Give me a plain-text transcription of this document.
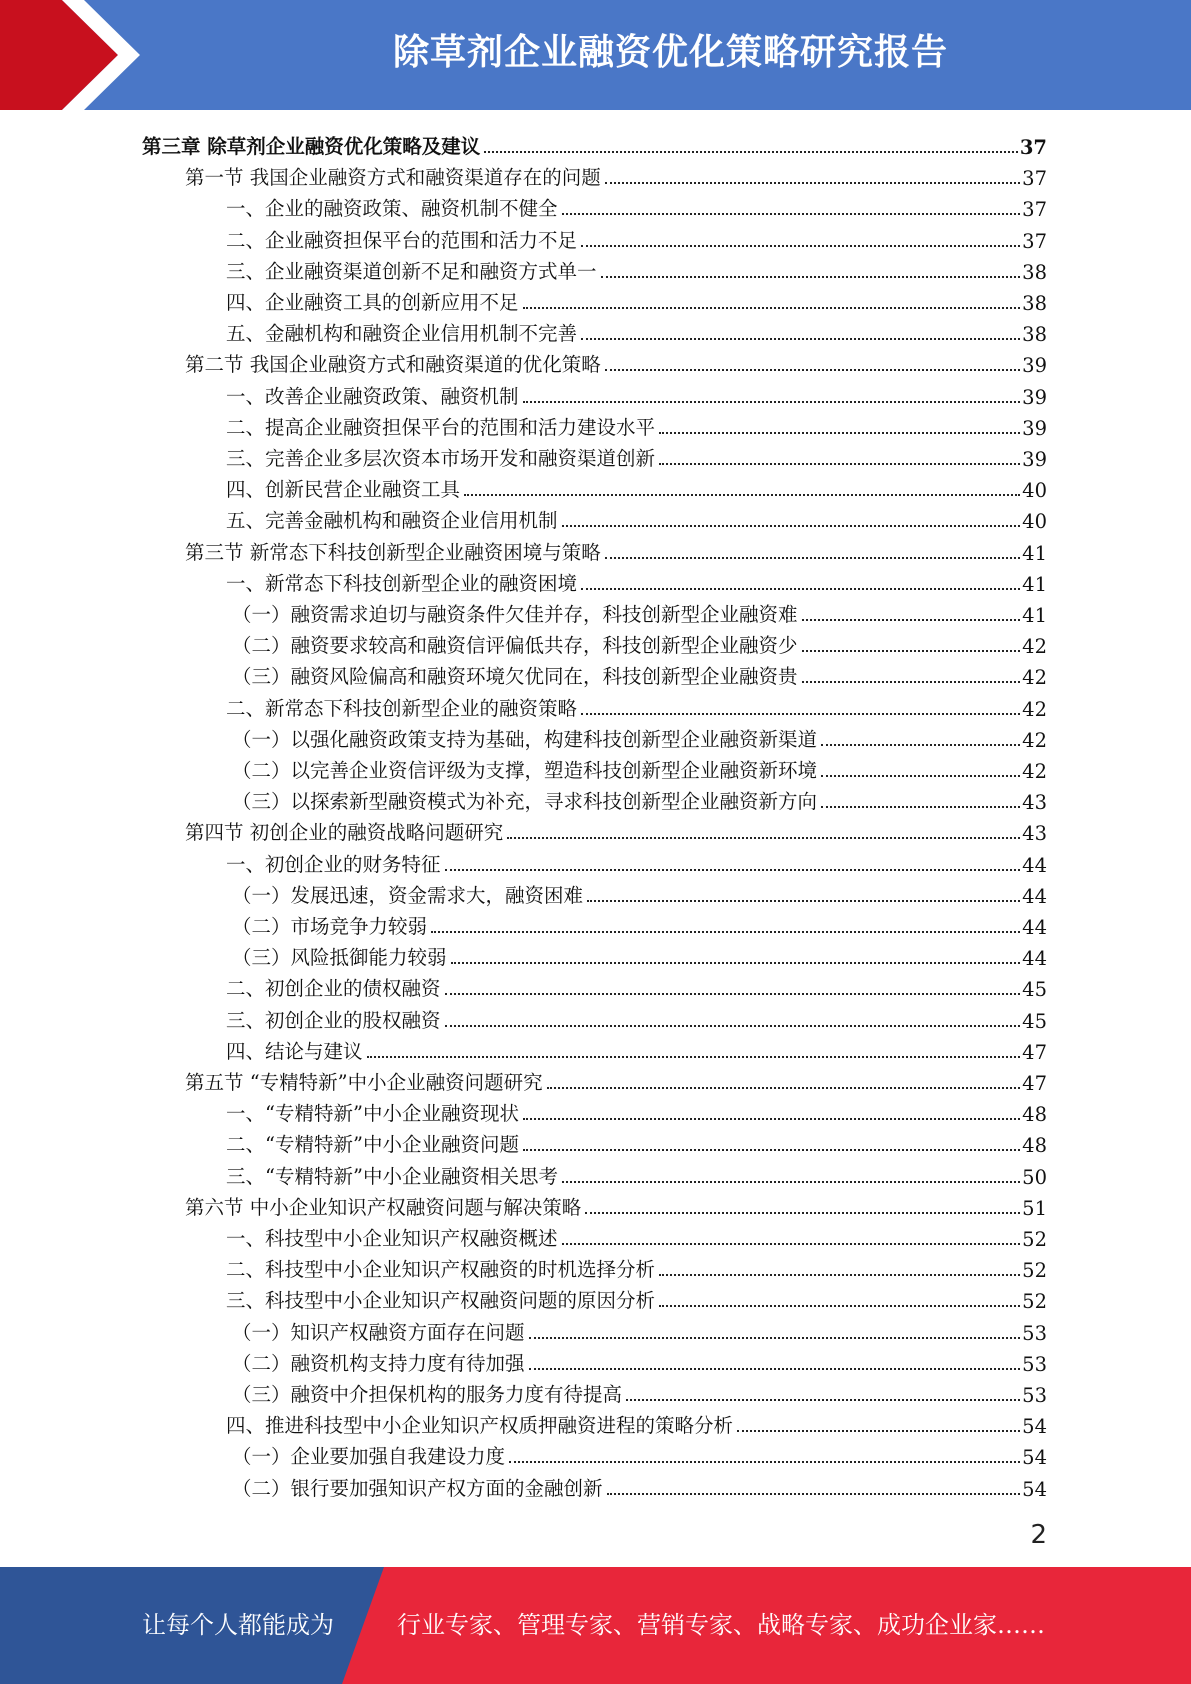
除草剂企业融资优化策略研究报告
第三章 除草剂企业融资优化策略及建议	37
第一节 我国企业融资方式和融资渠道存在的问题	37
一、企业的融资政策、融资机制不健全	37
二、企业融资担保平台的范围和活力不足	37
三、企业融资渠道创新不足和融资方式单一	38
四、企业融资工具的创新应用不足	38
五、金融机构和融资企业信用机制不完善	38
第二节 我国企业融资方式和融资渠道的优化策略	39
一、改善企业融资政策、融资机制	39
二、提高企业融资担保平台的范围和活力建设水平	39
三、完善企业多层次资本市场开发和融资渠道创新	39
四、创新民营企业融资工具	40
五、完善金融机构和融资企业信用机制	40
第三节 新常态下科技创新型企业融资困境与策略	41
一、新常态下科技创新型企业的融资困境	41
（一）融资需求迫切与融资条件欠佳并存，科技创新型企业融资难	41
（二）融资要求较高和融资信评偏低共存，科技创新型企业融资少	42
（三）融资风险偏高和融资环境欠优同在，科技创新型企业融资贵	42
二、新常态下科技创新型企业的融资策略	42
（一）以强化融资政策支持为基础，构建科技创新型企业融资新渠道	42
（二）以完善企业资信评级为支撑，塑造科技创新型企业融资新环境	42
（三）以探索新型融资模式为补充，寻求科技创新型企业融资新方向	43
第四节 初创企业的融资战略问题研究	43
一、初创企业的财务特征	44
（一）发展迅速，资金需求大，融资困难	44
（二）市场竞争力较弱	44
（三）风险抵御能力较弱	44
二、初创企业的债权融资	45
三、初创企业的股权融资	45
四、结论与建议	47
第五节 “专精特新”中小企业融资问题研究	47
一、“专精特新”中小企业融资现状	48
二、“专精特新”中小企业融资问题	48
三、“专精特新”中小企业融资相关思考	50
第六节 中小企业知识产权融资问题与解决策略	51
一、科技型中小企业知识产权融资概述	52
二、科技型中小企业知识产权融资的时机选择分析	52
三、科技型中小企业知识产权融资问题的原因分析	52
（一）知识产权融资方面存在问题	53
（二）融资机构支持力度有待加强	53
（三）融资中介担保机构的服务力度有待提高	53
四、推进科技型中小企业知识产权质押融资进程的策略分析	54
（一）企业要加强自我建设力度	54
（二）银行要加强知识产权方面的金融创新	54
2
让每个人都能成为	行业专家、管理专家、营销专家、战略专家、成功企业家……
